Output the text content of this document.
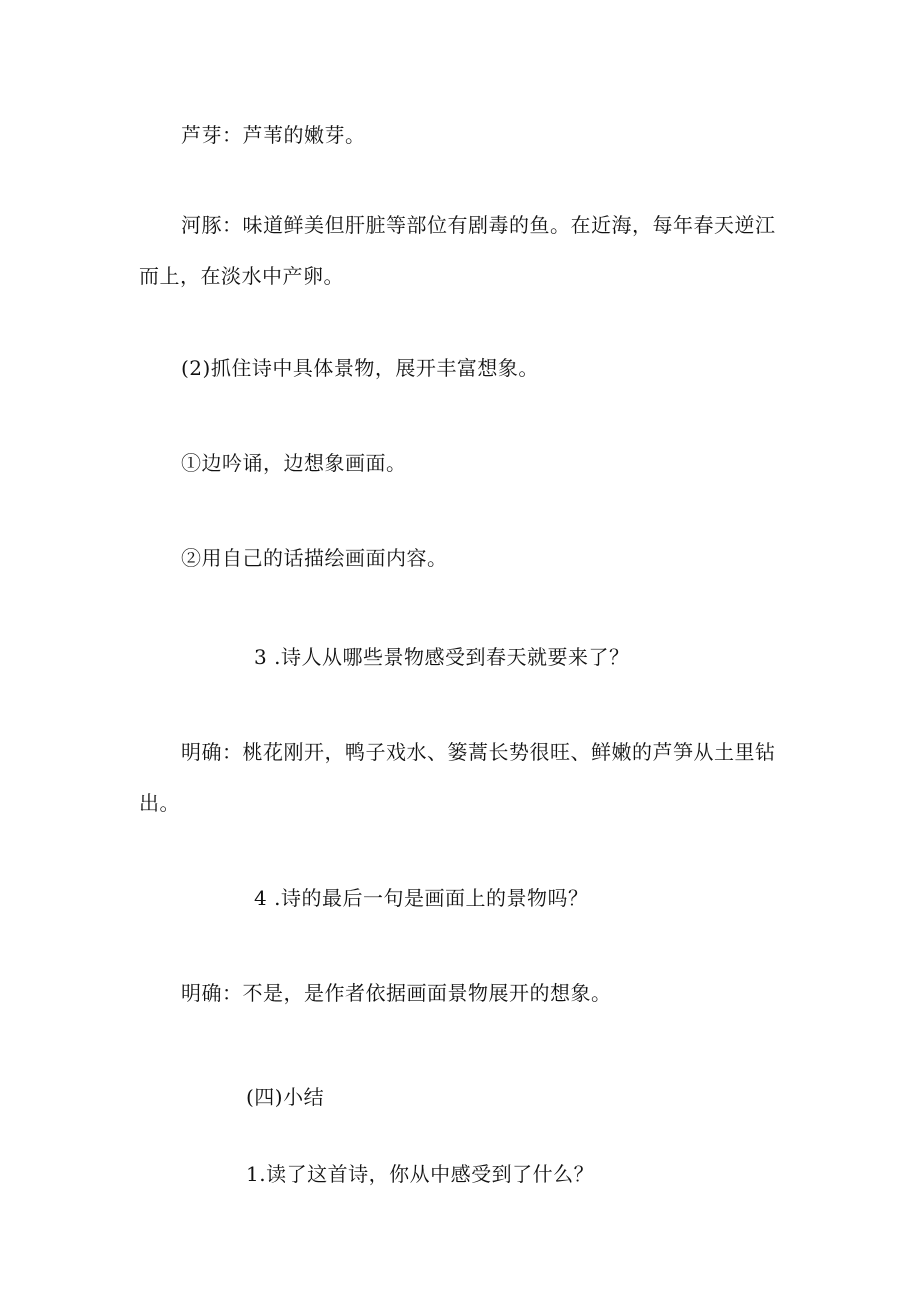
芦芽：芦苇的嫩芽。
河豚：味道鲜美但肝脏等部位有剧毒的鱼。在近海，每年春天逆江
而上，在淡水中产卵。
(2)抓住诗中具体景物，展开丰富想象。
①边吟诵，边想象画面。
②用自己的话描绘画面内容。
3 .诗人从哪些景物感受到春天就要来了？
明确：桃花刚开，鸭子戏水、篓蒿长势很旺、鲜嫩的芦笋从土里钻
出。
4 .诗的最后一句是画面上的景物吗？
明确：不是，是作者依据画面景物展开的想象。
(四)小结
1.读了这首诗，你从中感受到了什么？
